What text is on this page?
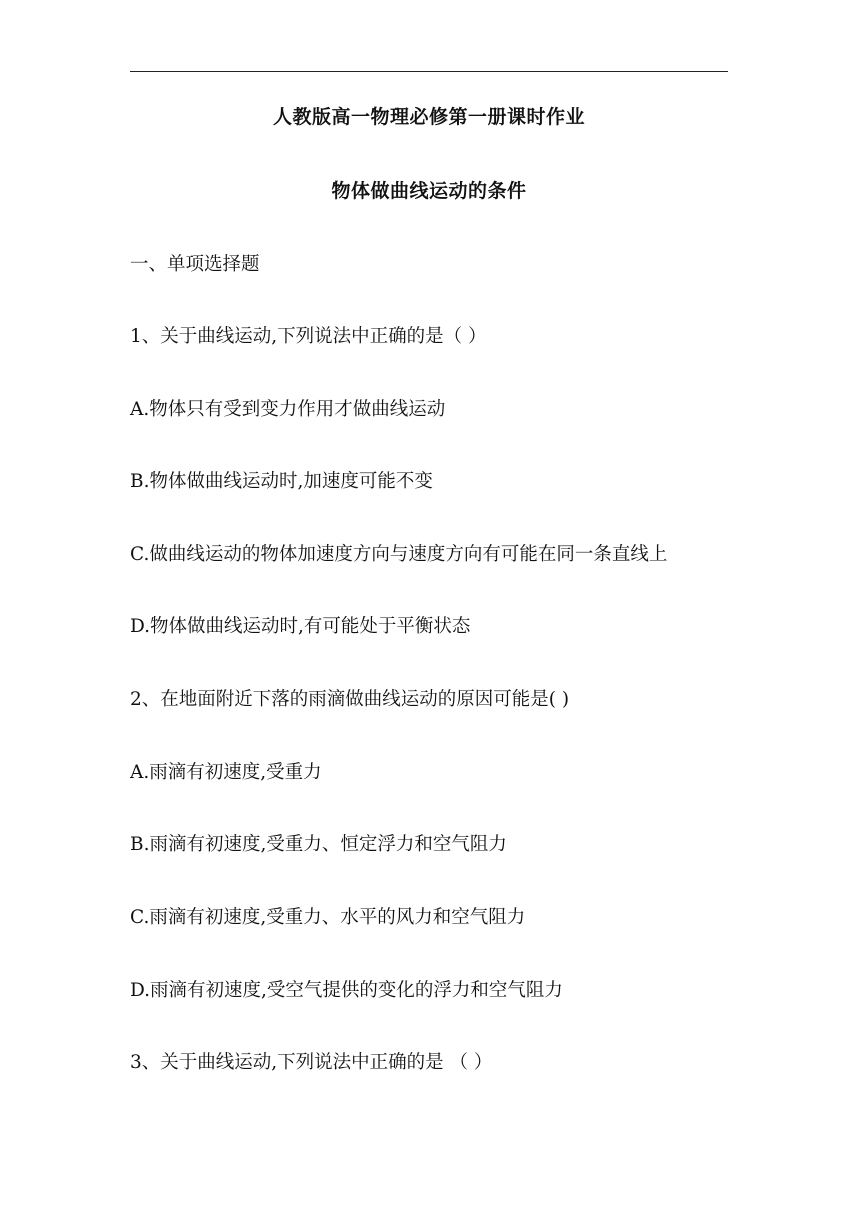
人教版高一物理必修第一册课时作业
物体做曲线运动的条件
一、单项选择题
1、关于曲线运动,下列说法中正确的是（ ）
A.物体只有受到变力作用才做曲线运动
B.物体做曲线运动时,加速度可能不变
C.做曲线运动的物体加速度方向与速度方向有可能在同一条直线上
D.物体做曲线运动时,有可能处于平衡状态
2、在地面附近下落的雨滴做曲线运动的原因可能是( )
A.雨滴有初速度,受重力
B.雨滴有初速度,受重力、恒定浮力和空气阻力
C.雨滴有初速度,受重力、水平的风力和空气阻力
D.雨滴有初速度,受空气提供的变化的浮力和空气阻力
3、关于曲线运动,下列说法中正确的是 （ ）
